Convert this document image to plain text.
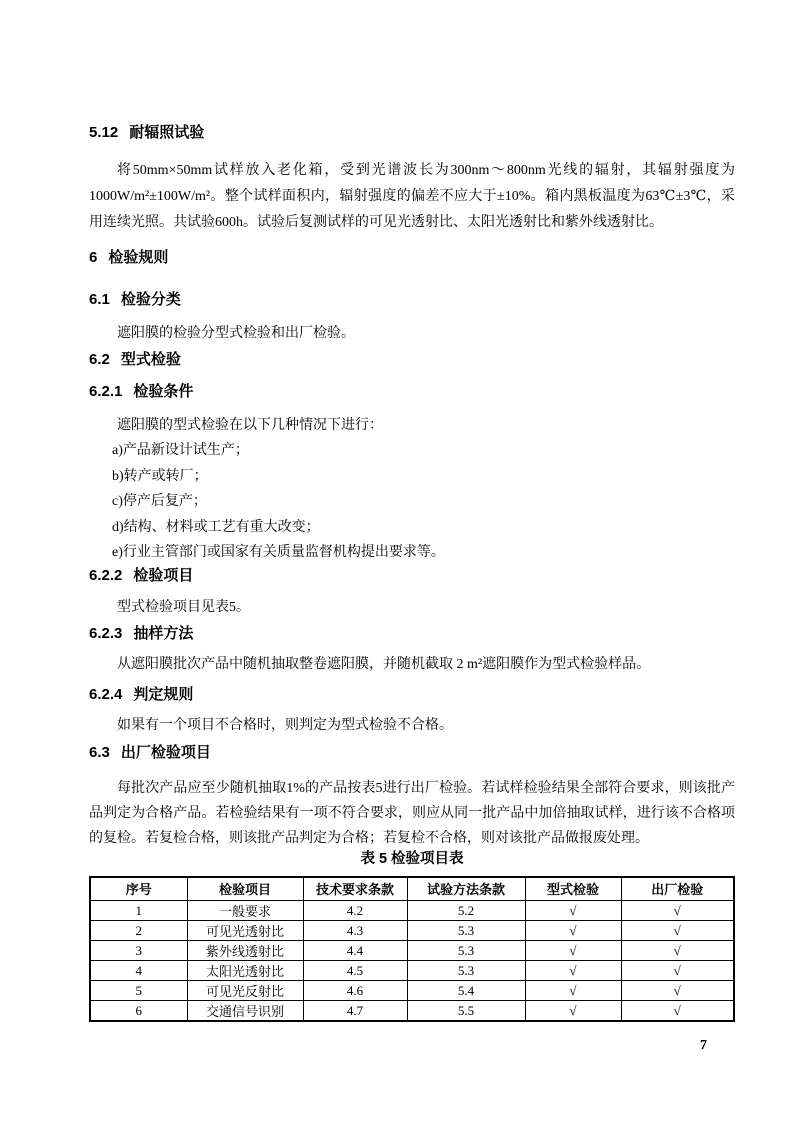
5.12 耐辐照试验
将50mm×50mm试样放入老化箱，受到光谱波长为300nm～800nm光线的辐射，其辐射强度为1000W/m²±100W/m²。整个试样面积内，辐射强度的偏差不应大于±10%。箱内黑板温度为63℃±3℃，采用连续光照。共试验600h。试验后复测试样的可见光透射比、太阳光透射比和紫外线透射比。
6 检验规则
6.1 检验分类
遮阳膜的检验分型式检验和出厂检验。
6.2 型式检验
6.2.1 检验条件
遮阳膜的型式检验在以下几种情况下进行：
a)产品新设计试生产；
b)转产或转厂；
c)停产后复产；
d)结构、材料或工艺有重大改变；
e)行业主管部门或国家有关质量监督机构提出要求等。
6.2.2 检验项目
型式检验项目见表5。
6.2.3 抽样方法
从遮阳膜批次产品中随机抽取整卷遮阳膜，并随机截取 2 m²遮阳膜作为型式检验样品。
6.2.4 判定规则
如果有一个项目不合格时，则判定为型式检验不合格。
6.3 出厂检验项目
每批次产品应至少随机抽取1%的产品按表5进行出厂检验。若试样检验结果全部符合要求，则该批产品判定为合格产品。若检验结果有一项不符合要求，则应从同一批产品中加倍抽取试样，进行该不合格项的复检。若复检合格，则该批产品判定为合格；若复检不合格，则对该批产品做报废处理。
表 5 检验项目表
序号	检验项目	技术要求条款	试验方法条款	型式检验	出厂检验
1	一般要求	4.2	5.2	√	√
2	可见光透射比	4.3	5.3	√	√
3	紫外线透射比	4.4	5.3	√	√
4	太阳光透射比	4.5	5.3	√	√
5	可见光反射比	4.6	5.4	√	√
6	交通信号识别	4.7	5.5	√	√
7
